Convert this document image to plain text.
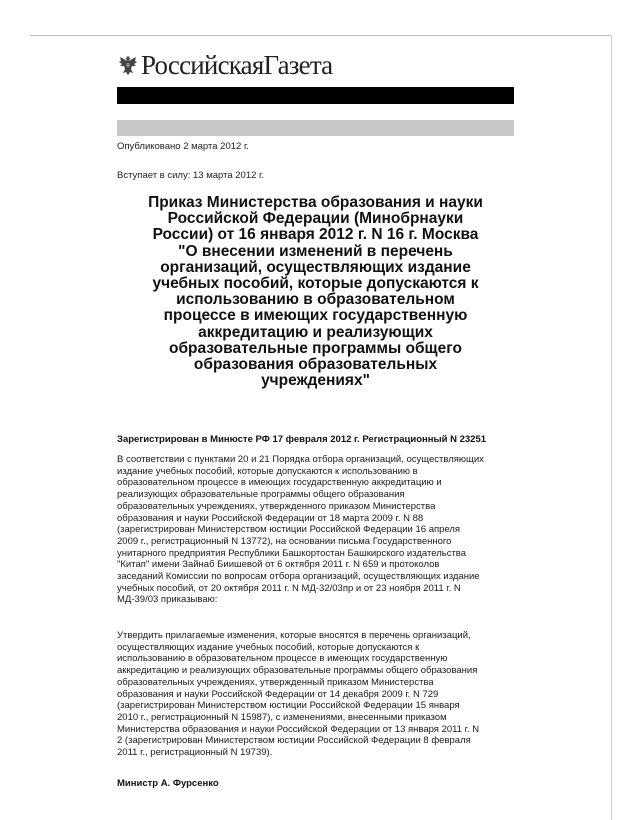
РоссийскаяГазета
Опубликовано 2 марта 2012 г.
Вступает в силу: 13 марта 2012 г.
Приказ Министерства образования и науки
Российской Федерации (Минобрнауки
России) от 16 января 2012 г. N 16 г. Москва
"О внесении изменений в перечень
организаций, осуществляющих издание
учебных пособий, которые допускаются к
использованию в образовательном
процессе в имеющих государственную
аккредитацию и реализующих
образовательные программы общего
образования образовательных
учреждениях"
Зарегистрирован в Минюсте РФ 17 февраля 2012 г. Регистрационный N 23251
В соответствии с пунктами 20 и 21 Порядка отбора организаций, осуществляющих
издание учебных пособий, которые допускаются к использованию в
образовательном процессе в имеющих государственную аккредитацию и
реализующих образовательные программы общего образования
образовательных учреждениях, утвержденного приказом Министерства
образования и науки Российской Федерации от 18 марта 2009 г. N 88
(зарегистрирован Министерством юстиции Российской Федерации 16 апреля
2009 г., регистрационный N 13772), на основании письма Государственного
унитарного предприятия Республики Башкортостан Башкирского издательства
"Китап" имени Зайнаб Биишевой от 6 октября 2011 г. N 659 и протоколов
заседаний Комиссии по вопросам отбора организаций, осуществляющих издание
учебных пособий, от 20 октября 2011 г. N МД-32/03пр и от 23 ноября 2011 г. N
МД-39/03 приказываю:
Утвердить прилагаемые изменения, которые вносятся в перечень организаций,
осуществляющих издание учебных пособий, которые допускаются к
использованию в образовательном процессе в имеющих государственную
аккредитацию и реализующих образовательные программы общего образования
образовательных учреждениях, утвержденный приказом Министерства
образования и науки Российской Федерации от 14 декабря 2009 г. N 729
(зарегистрирован Министерством юстиции Российской Федерации 15 января
2010 г., регистрационный N 15987), с изменениями, внесенными приказом
Министерства образования и науки Российской Федерации от 13 января 2011 г. N
2 (зарегистрирован Министерством юстиции Российской Федерации 8 февраля
2011 г., регистрационный N 19739).
Министр А. Фурсенко
